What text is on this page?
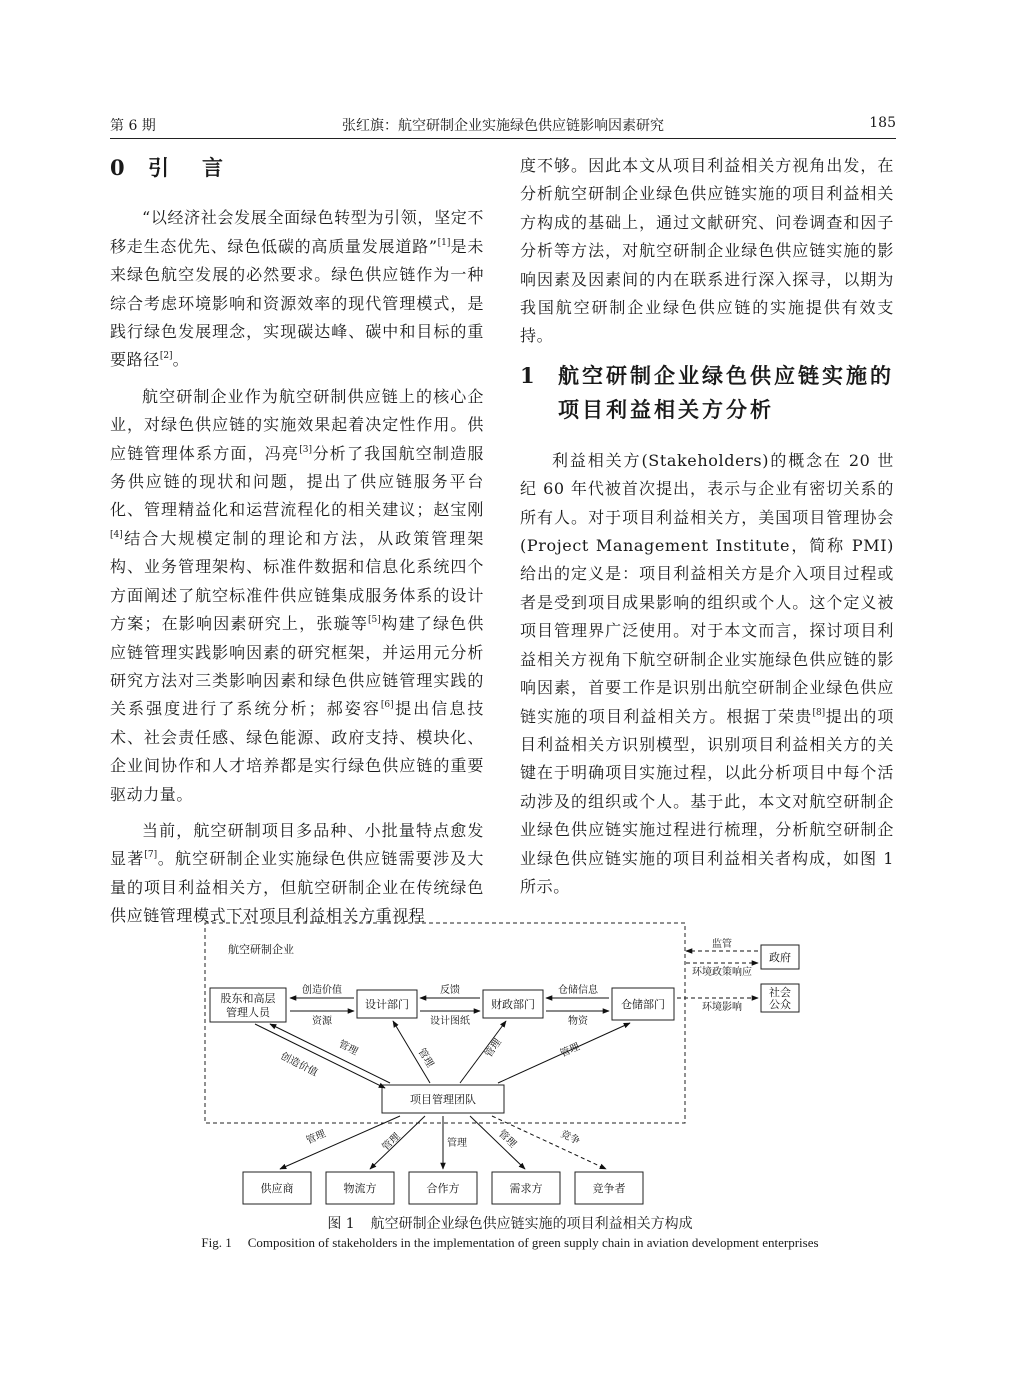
第 6 期	张红旗：航空研制企业实施绿色供应链影响因素研究	185
0 引　言

“以经济社会发展全面绿色转型为引领，坚定不移走生态优先、绿色低碳的高质量发展道路”[1]是未来绿色航空发展的必然要求。绿色供应链作为一种综合考虑环境影响和资源效率的现代管理模式，是践行绿色发展理念，实现碳达峰、碳中和目标的重要路径[2]。

航空研制企业作为航空研制供应链上的核心企业，对绿色供应链的实施效果起着决定性作用。供应链管理体系方面，冯亮[3]分析了我国航空制造服务供应链的现状和问题，提出了供应链服务平台化、管理精益化和运营流程化的相关建议；赵宝刚[4]结合大规模定制的理论和方法，从政策管理架构、业务管理架构、标准件数据和信息化系统四个方面阐述了航空标准件供应链集成服务体系的设计方案；在影响因素研究上，张璇等[5]构建了绿色供应链管理实践影响因素的研究框架，并运用元分析研究方法对三类影响因素和绿色供应链管理实践的关系强度进行了系统分析；郝姿容[6]提出信息技术、社会责任感、绿色能源、政府支持、模块化、企业间协作和人才培养都是实行绿色供应链的重要驱动力量。

当前，航空研制项目多品种、小批量特点愈发显著[7]。航空研制企业实施绿色供应链需要涉及大量的项目利益相关方，但航空研制企业在传统绿色供应链管理模式下对项目利益相关方重视程

度不够。因此本文从项目利益相关方视角出发，在分析航空研制企业绿色供应链实施的项目利益相关方构成的基础上，通过文献研究、问卷调查和因子分析等方法，对航空研制企业绿色供应链实施的影响因素及因素间的内在联系进行深入探寻，以期为我国航空研制企业绿色供应链的实施提供有效支持。

1 航空研制企业绿色供应链实施的
项目利益相关方分析

利益相关方(Stakeholders)的概念在 20 世纪 60 年代被首次提出，表示与企业有密切关系的所有人。对于项目利益相关方，美国项目管理协会(Project Management Institute，简称 PMI)给出的定义是：项目利益相关方是介入项目过程或者是受到项目成果影响的组织或个人。这个定义被项目管理界广泛使用。对于本文而言，探讨项目利益相关方视角下航空研制企业实施绿色供应链的影响因素，首要工作是识别出航空研制企业绿色供应链实施的项目利益相关方。根据丁荣贵[8]提出的项目利益相关方识别模型，识别项目利益相关方的关键在于明确项目实施过程，以此分析项目中每个活动涉及的组织或个人。基于此，本文对航空研制企业绿色供应链实施过程进行梳理，分析航空研制企业绿色供应链实施的项目利益相关者构成，如图 1 所示。

航空研制企业
股东和高层
管理人员
设计部门	财政部门	仓储部门
项目管理团队
政府
社会
公众
供应商	物流方	合作方	需求方	竞争者
创造价值
资源
反馈
设计图纸
仓储信息
物资
监管
环境政策响应
环境影响
管理
创造价值	管理	管理	管理
管理	管理	管理	管理	竞争
图 1 航空研制企业绿色供应链实施的项目利益相关方构成
Fig. 1 Composition of stakeholders in the implementation of green supply chain in aviation development enterprises
